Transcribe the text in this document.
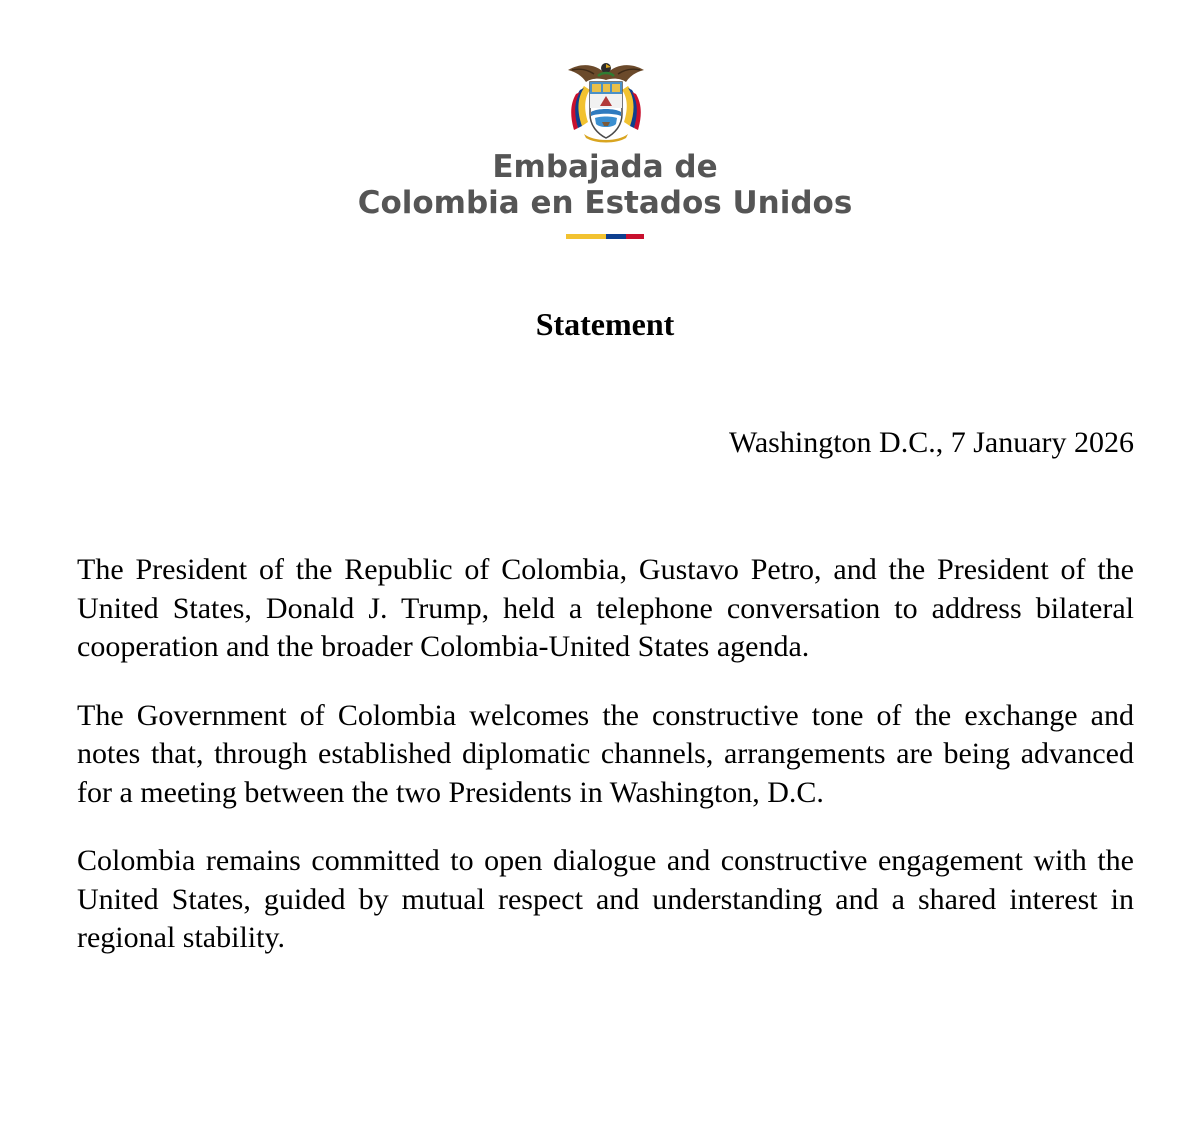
Embajada de
Colombia en Estados Unidos
Statement
Washington D.C., 7 January 2026

The President of the Republic of Colombia, Gustavo Petro, and the President of the United States, Donald J. Trump, held a telephone conversation to address bilateral cooperation and the broader Colombia-United States agenda.

The Government of Colombia welcomes the constructive tone of the exchange and notes that, through established diplomatic channels, arrangements are being advanced for a meeting between the two Presidents in Washington, D.C.

Colombia remains committed to open dialogue and constructive engagement with the United States, guided by mutual respect and understanding and a shared interest in regional stability.
